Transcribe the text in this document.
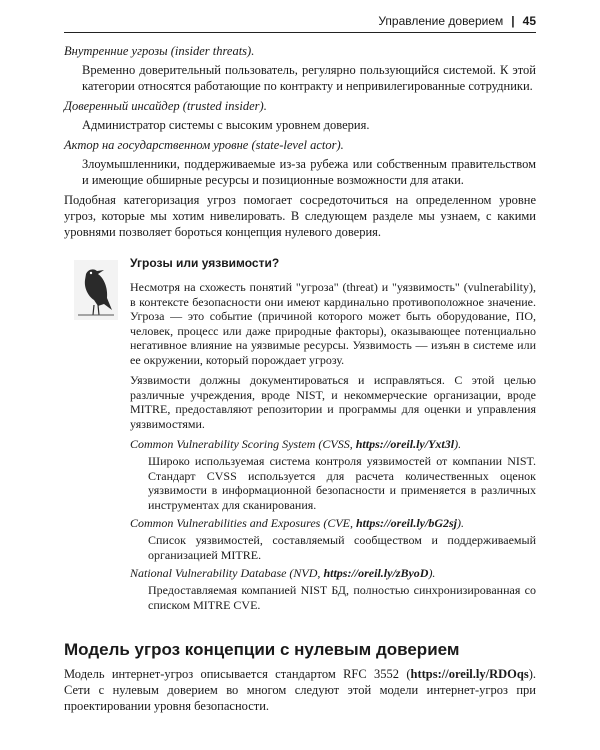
Управление доверием | 45
Внутренние угрозы (insider threats).
Временно доверительный пользователь, регулярно пользующийся системой. К этой категории относятся работающие по контракту и непривилегированные сотрудники.
Доверенный инсайдер (trusted insider).
Администратор системы с высоким уровнем доверия.
Актор на государственном уровне (state-level actor).
Злоумышленники, поддерживаемые из-за рубежа или собственным правительством и имеющие обширные ресурсы и позиционные возможности для атаки.

Подобная категоризация угроз помогает сосредоточиться на определенном уровне угроз, которые мы хотим нивелировать. В следующем разделе мы узнаем, с какими уровнями позволяет бороться концепция нулевого доверия.

Угрозы или уязвимости?

Несмотря на схожесть понятий "угроза" (threat) и "уязвимость" (vulnerability), в контексте безопасности они имеют кардинально противоположное значение. Угроза — это событие (причиной которого может быть оборудование, ПО, человек, процесс или даже природные факторы), оказывающее потенциально негативное влияние на уязвимые ресурсы. Уязвимость — изъян в системе или ее окружении, который порождает угрозу.

Уязвимости должны документироваться и исправляться. С этой целью различные учреждения, вроде NIST, и некоммерческие организации, вроде MITRE, предоставляют репозитории и программы для оценки и управления уязвимостями.

Common Vulnerability Scoring System (CVSS, https://oreil.ly/Yxt3l).
Широко используемая система контроля уязвимостей от компании NIST. Стандарт CVSS используется для расчета количественных оценок уязвимости в информационной безопасности и применяется в различных инструментах для сканирования.
Common Vulnerabilities and Exposures (CVE, https://oreil.ly/bG2sj).
Список уязвимостей, составляемый сообществом и поддерживаемый организацией MITRE.
National Vulnerability Database (NVD, https://oreil.ly/zByoD).
Предоставляемая компанией NIST БД, полностью синхронизированная со списком MITRE CVE.
Модель угроз концепции с нулевым доверием

Модель интернет-угроз описывается стандартом RFC 3552 (https://oreil.ly/RDOqs). Сети с нулевым доверием во многом следуют этой модели интернет-угроз при проектировании уровня безопасности.
